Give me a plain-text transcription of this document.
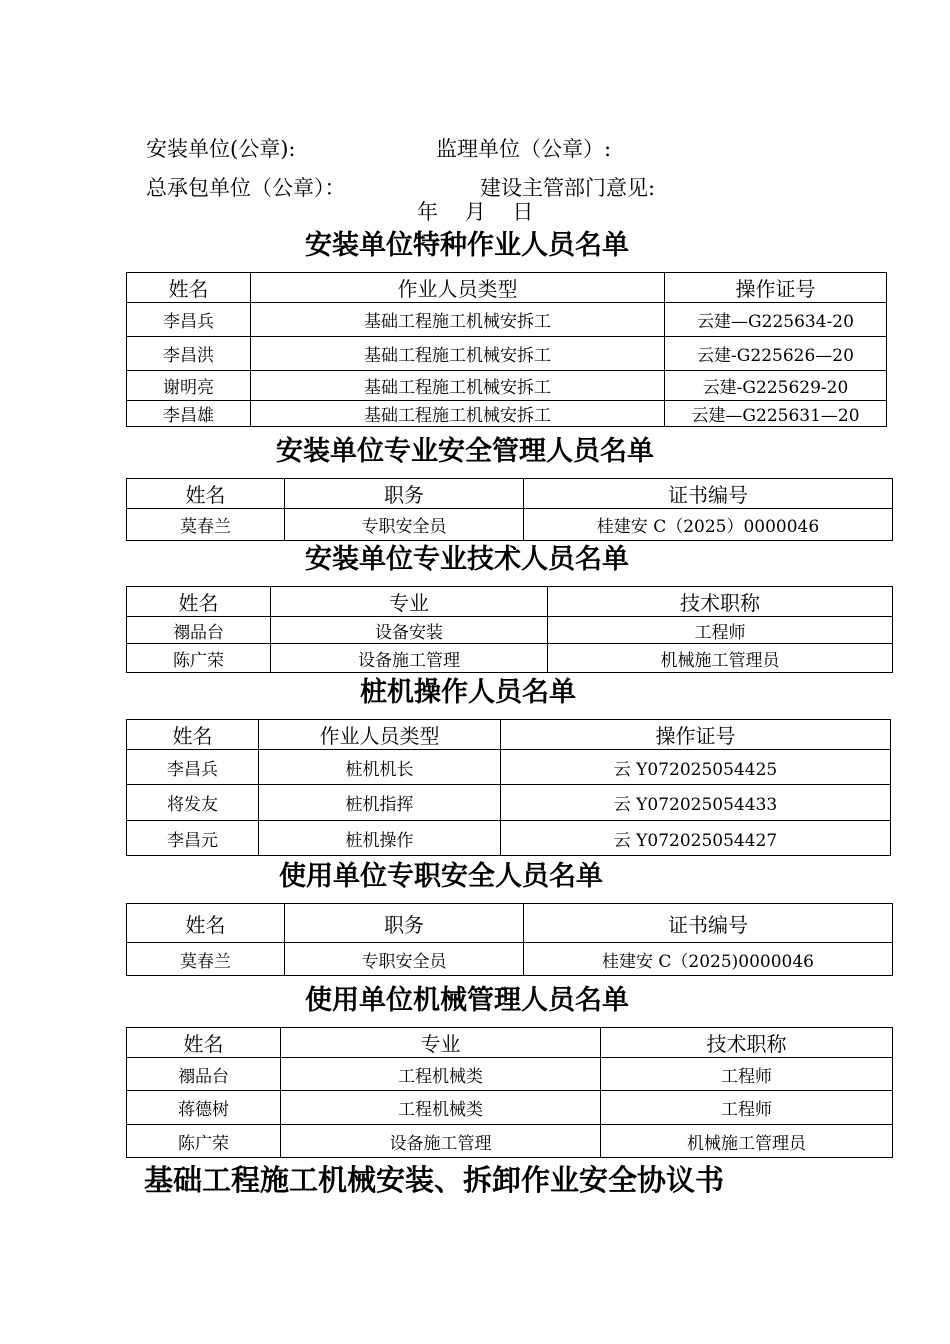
安装单位(公章):	监理单位（公章）:
总承包单位（公章）：	建设主管部门意见:
年    月    日
安装单位特种作业人员名单
姓名	作业人员类型	操作证号
李昌兵	基础工程施工机械安拆工	云建—G225634-20
李昌洪	基础工程施工机械安拆工	云建-G225626—20
谢明亮	基础工程施工机械安拆工	云建-G225629-20
李昌雄	基础工程施工机械安拆工	云建—G225631—20
安装单位专业安全管理人员名单
姓名	职务	证书编号
莫春兰	专职安全员	桂建安 C（2025）0000046
安装单位专业技术人员名单
姓名	专业	技术职称
禤品台	设备安装	工程师
陈广荣	设备施工管理	机械施工管理员
桩机操作人员名单
姓名	作业人员类型	操作证号
李昌兵	桩机机长	云 Y072025054425
将发友	桩机指挥	云 Y072025054433
李昌元	桩机操作	云 Y072025054427
使用单位专职安全人员名单
姓名	职务	证书编号
莫春兰	专职安全员	桂建安 C（2025)0000046
使用单位机械管理人员名单
姓名	专业	技术职称
禤品台	工程机械类	工程师
蒋德树	工程机械类	工程师
陈广荣	设备施工管理	机械施工管理员
基础工程施工机械安装、拆卸作业安全协议书
